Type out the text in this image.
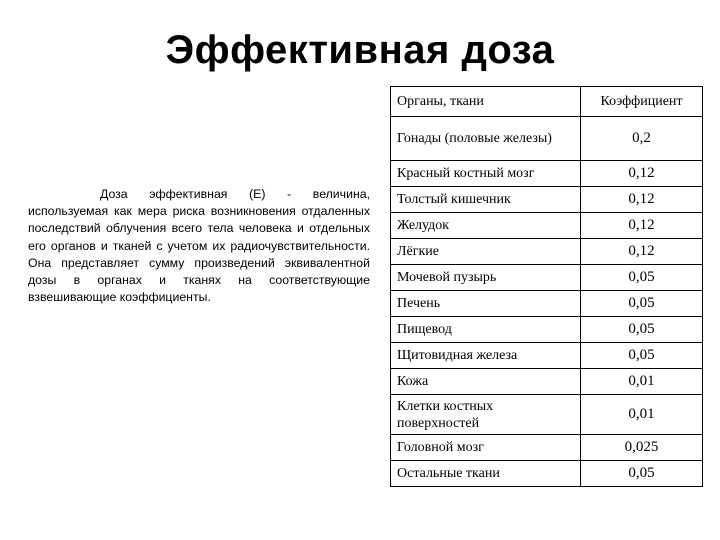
Эффективная доза
Доза эффективная (Е) - величина, используемая как мера риска возникновения отдаленных последствий облучения всего тела человека и отдельных его органов и тканей с учетом их радиочувствительности. Она представляет сумму произведений эквивалентной дозы в органах и тканях на соответствующие взвешивающие коэффициенты.
Органы, ткани	Коэффициент
Гонады (половые железы)	0,2
Красный костный мозг	0,12
Толстый кишечник	0,12
Желудок	0,12
Лёгкие	0,12
Мочевой пузырь	0,05
Печень	0,05
Пищевод	0,05
Щитовидная железа	0,05
Кожа	0,01
Клетки костных поверхностей	0,01
Головной мозг	0,025
Остальные ткани	0,05
